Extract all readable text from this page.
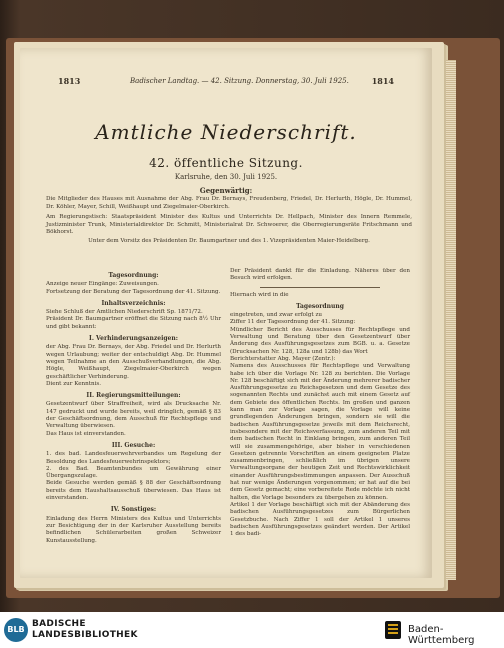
1813	Badischer Landtag. — 42. Sitzung. Donnerstag, 30. Juli 1925.	1814
Amtliche Niederschrift.
42. öffentliche Sitzung.
Karlsruhe, den 30. Juli 1925.
Gegenwärtig:
Die Mitglieder des Hauses mit Ausnahme der Abg. Frau Dr. Bernays, Freudenberg, Friedel, Dr. Herlurth, Högle, Dr. Hummel, Dr. Köhler, Mayer, Schill, Weißhaupt und Ziegelmaier-Oberkirch.
Am Regierungstisch: Staatspräsident Minister des Kultus und Unterrichts Dr. Hellpach, Minister des Innern Remmele, Justizminister Trunk, Ministerialdirektor Dr. Schmitt, Ministerialrat Dr. Schwoerer, die Oberregierungsräte Fritschmann und Bökhorst.
Unter dem Vorsitz des Präsidenten Dr. Baumgartner und des 1. Vizepräsidenten Maier-Heidelberg.
Tagesordnung:
Anzeige neuer Eingänge: Zuweisungen.
Fortsetzung der Beratung der Tagesordnung der 41. Sitzung.
Inhaltsverzeichnis:
Siehe Schluß der Amtlichen Niederschrift Sp. 1871/72.
Präsident Dr. Baumgartner eröffnet die Sitzung nach 8½ Uhr und gibt bekannt:
I. Verhinderungsanzeigen:
der Abg. Frau Dr. Bernays, der Abg. Friedel und Dr. Herlurth wegen Urlaubung; weiter der entschuldigt Abg. Dr. Hummel wegen Teilnahme an den Ausschußverhandlungen, die Abg. Högle, Weißhaupt, Ziegelmaier-Oberkirch wegen geschäftlicher Verhinderung.
Dient zur Kenntnis.
II. Regierungsmitteilungen:
Gesetzentwurf über Straffreiheit, wird als Drucksache Nr. 147 gedruckt und wurde bereits, weil dringlich, gemäß § 83 der Geschäftsordnung, dem Ausschuß für Rechtspflege und Verwaltung überwiesen.
Das Haus ist einverstanden.
III. Gesuche:
1. des bad. Landesfeuerwehrverbandes um Regelung der Besoldung des Landesfeuerwehrinspektors;
2. des Bad. Beamtenbundes um Gewährung einer Übergangszulage.
Beide Gesuche werden gemäß § 88 der Geschäftsordnung bereits dem Haushaltsausschuß überwiesen. Das Haus ist einverstanden.
IV. Sonstiges:
Einladung des Herrn Ministers des Kultus und Unterrichts zur Besichtigung der in der Karlsruher Ausstellung bereits befindlichen Schülerarbeiten großen Schweizer Kunstausstellung.
Der Präsident dankt für die Einladung. Näheres über den Besuch wird erfolgen.
Hiernach wird in die
Tagesordnung
eingetreten, und zwar erfolgt zu
Ziffer 11 der Tagesordnung der 41. Sitzung:
Mündlicher Bericht des Ausschusses für Rechtspflege und Verwaltung und Beratung über den Gesetzentwurf über Änderung des Ausführungsgesetzes zum BGB. u. a. Gesetze (Drucksachen Nr. 128, 128a und 128b) das Wort
Berichterstatter Abg. Mayer (Zentr.):
Namens des Ausschusses für Rechtspflege und Verwaltung habe ich über die Vorlage Nr. 128 zu berichten. Die Vorlage Nr. 128 beschäftigt sich mit der Änderung mehrerer badischer Ausführungsgesetze zu Reichsgesetzen und dem Gesetze des sogenannten Rechts und zunächst auch mit einem Gesetz auf dem Gebiete des öffentlichen Rechts. Im großen und ganzen kann man zur Vorlage sagen, die Vorlage will keine grundlegenden Änderungen bringen, sondern sie will die badischen Ausführungsgesetze jeweils mit dem Reichsrecht, insbesondere mit der Reichsverfassung, zum anderen Teil mit dem badischen Recht in Einklang bringen, zum anderen Teil will sie zusammengehörige, aber bisher in verschiedenen Gesetzen getrennte Vorschriften an einem geeigneten Platze zusammenbringen, schließlich im übrigen unsere Verwaltungsorgane der heutigen Zeit und Rechtswirklichkeit einander Ausführungsbestimmungen anpassen. Der Ausschuß hat nur wenige Änderungen vorgenommen; er hat auf die bei dem Gesetz gemacht; eine vorbereitete Rede möchte ich nicht halten, die Vorlage besonders zu übergehen zu können.
Artikel 1 der Vorlage beschäftigt sich mit der Abänderung des badischen Ausführungsgesetzes zum Bürgerlichen Gesetzbuche. Nach Ziffer 1 soll der Artikel 1 unseres badischen Ausführungsgesetzes geändert werden. Der Artikel 1 des badi-
BLB
BADISCHE
LANDESBIBLIOTHEK	Baden-Württemberg
